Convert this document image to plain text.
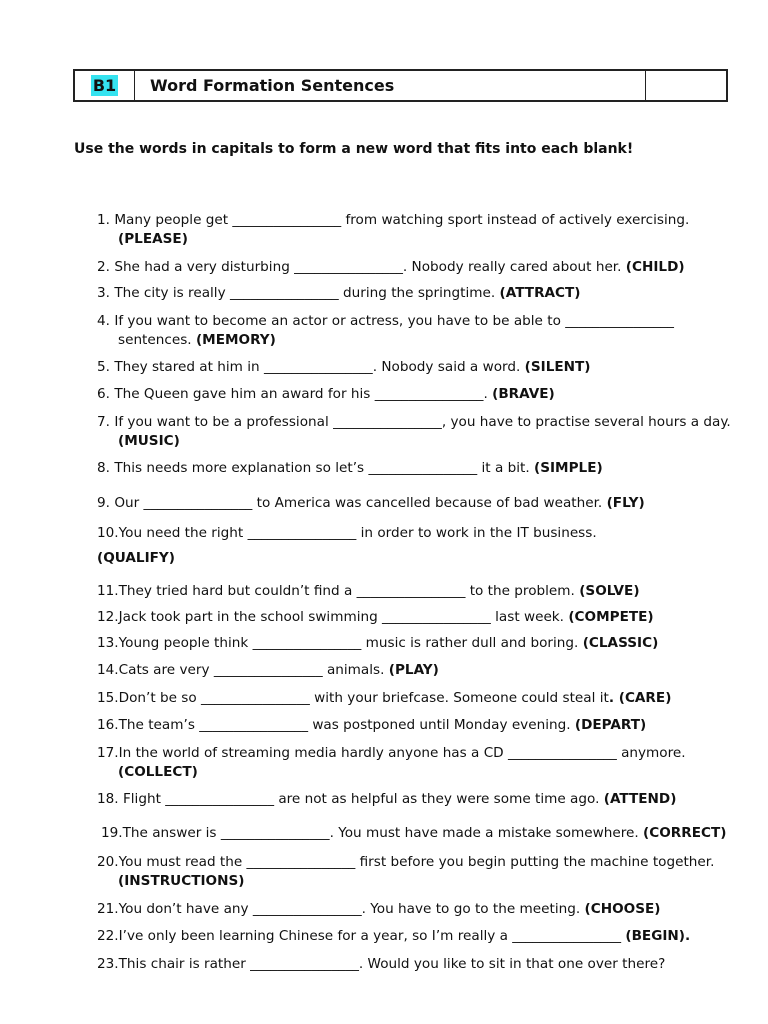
B1	Word Formation Sentences

Use the words in capitals to form a new word that fits into each blank!

1. Many people get ________________ from watching sport instead of actively exercising.
(PLEASE)
2. She had a very disturbing ________________. Nobody really cared about her. (CHILD)
3. The city is really ________________ during the springtime. (ATTRACT)
4. If you want to become an actor or actress, you have to be able to ________________
sentences. (MEMORY)
5. They stared at him in ________________. Nobody said a word. (SILENT)
6. The Queen gave him an award for his ________________. (BRAVE)
7. If you want to be a professional ________________, you have to practise several hours a day.
(MUSIC)
8. This needs more explanation so let’s ________________ it a bit. (SIMPLE)
9. Our ________________ to America was cancelled because of bad weather. (FLY)
10.You need the right ________________ in order to work in the IT business.
(QUALIFY)
11.They tried hard but couldn’t find a ________________ to the problem. (SOLVE)
12.Jack took part in the school swimming ________________ last week. (COMPETE)
13.Young people think ________________ music is rather dull and boring. (CLASSIC)
14.Cats are very ________________ animals. (PLAY)
15.Don’t be so ________________ with your briefcase. Someone could steal it. (CARE)
16.The team’s ________________ was postponed until Monday evening. (DEPART)
17.In the world of streaming media hardly anyone has a CD ________________ anymore.
(COLLECT)
18. Flight ________________ are not as helpful as they were some time ago. (ATTEND)
19.The answer is ________________. You must have made a mistake somewhere. (CORRECT)
20.You must read the ________________ first before you begin putting the machine together.
(INSTRUCTIONS)
21.You don’t have any ________________. You have to go to the meeting. (CHOOSE)
22.I’ve only been learning Chinese for a year, so I’m really a ________________ (BEGIN).
23.This chair is rather ________________. Would you like to sit in that one over there?
